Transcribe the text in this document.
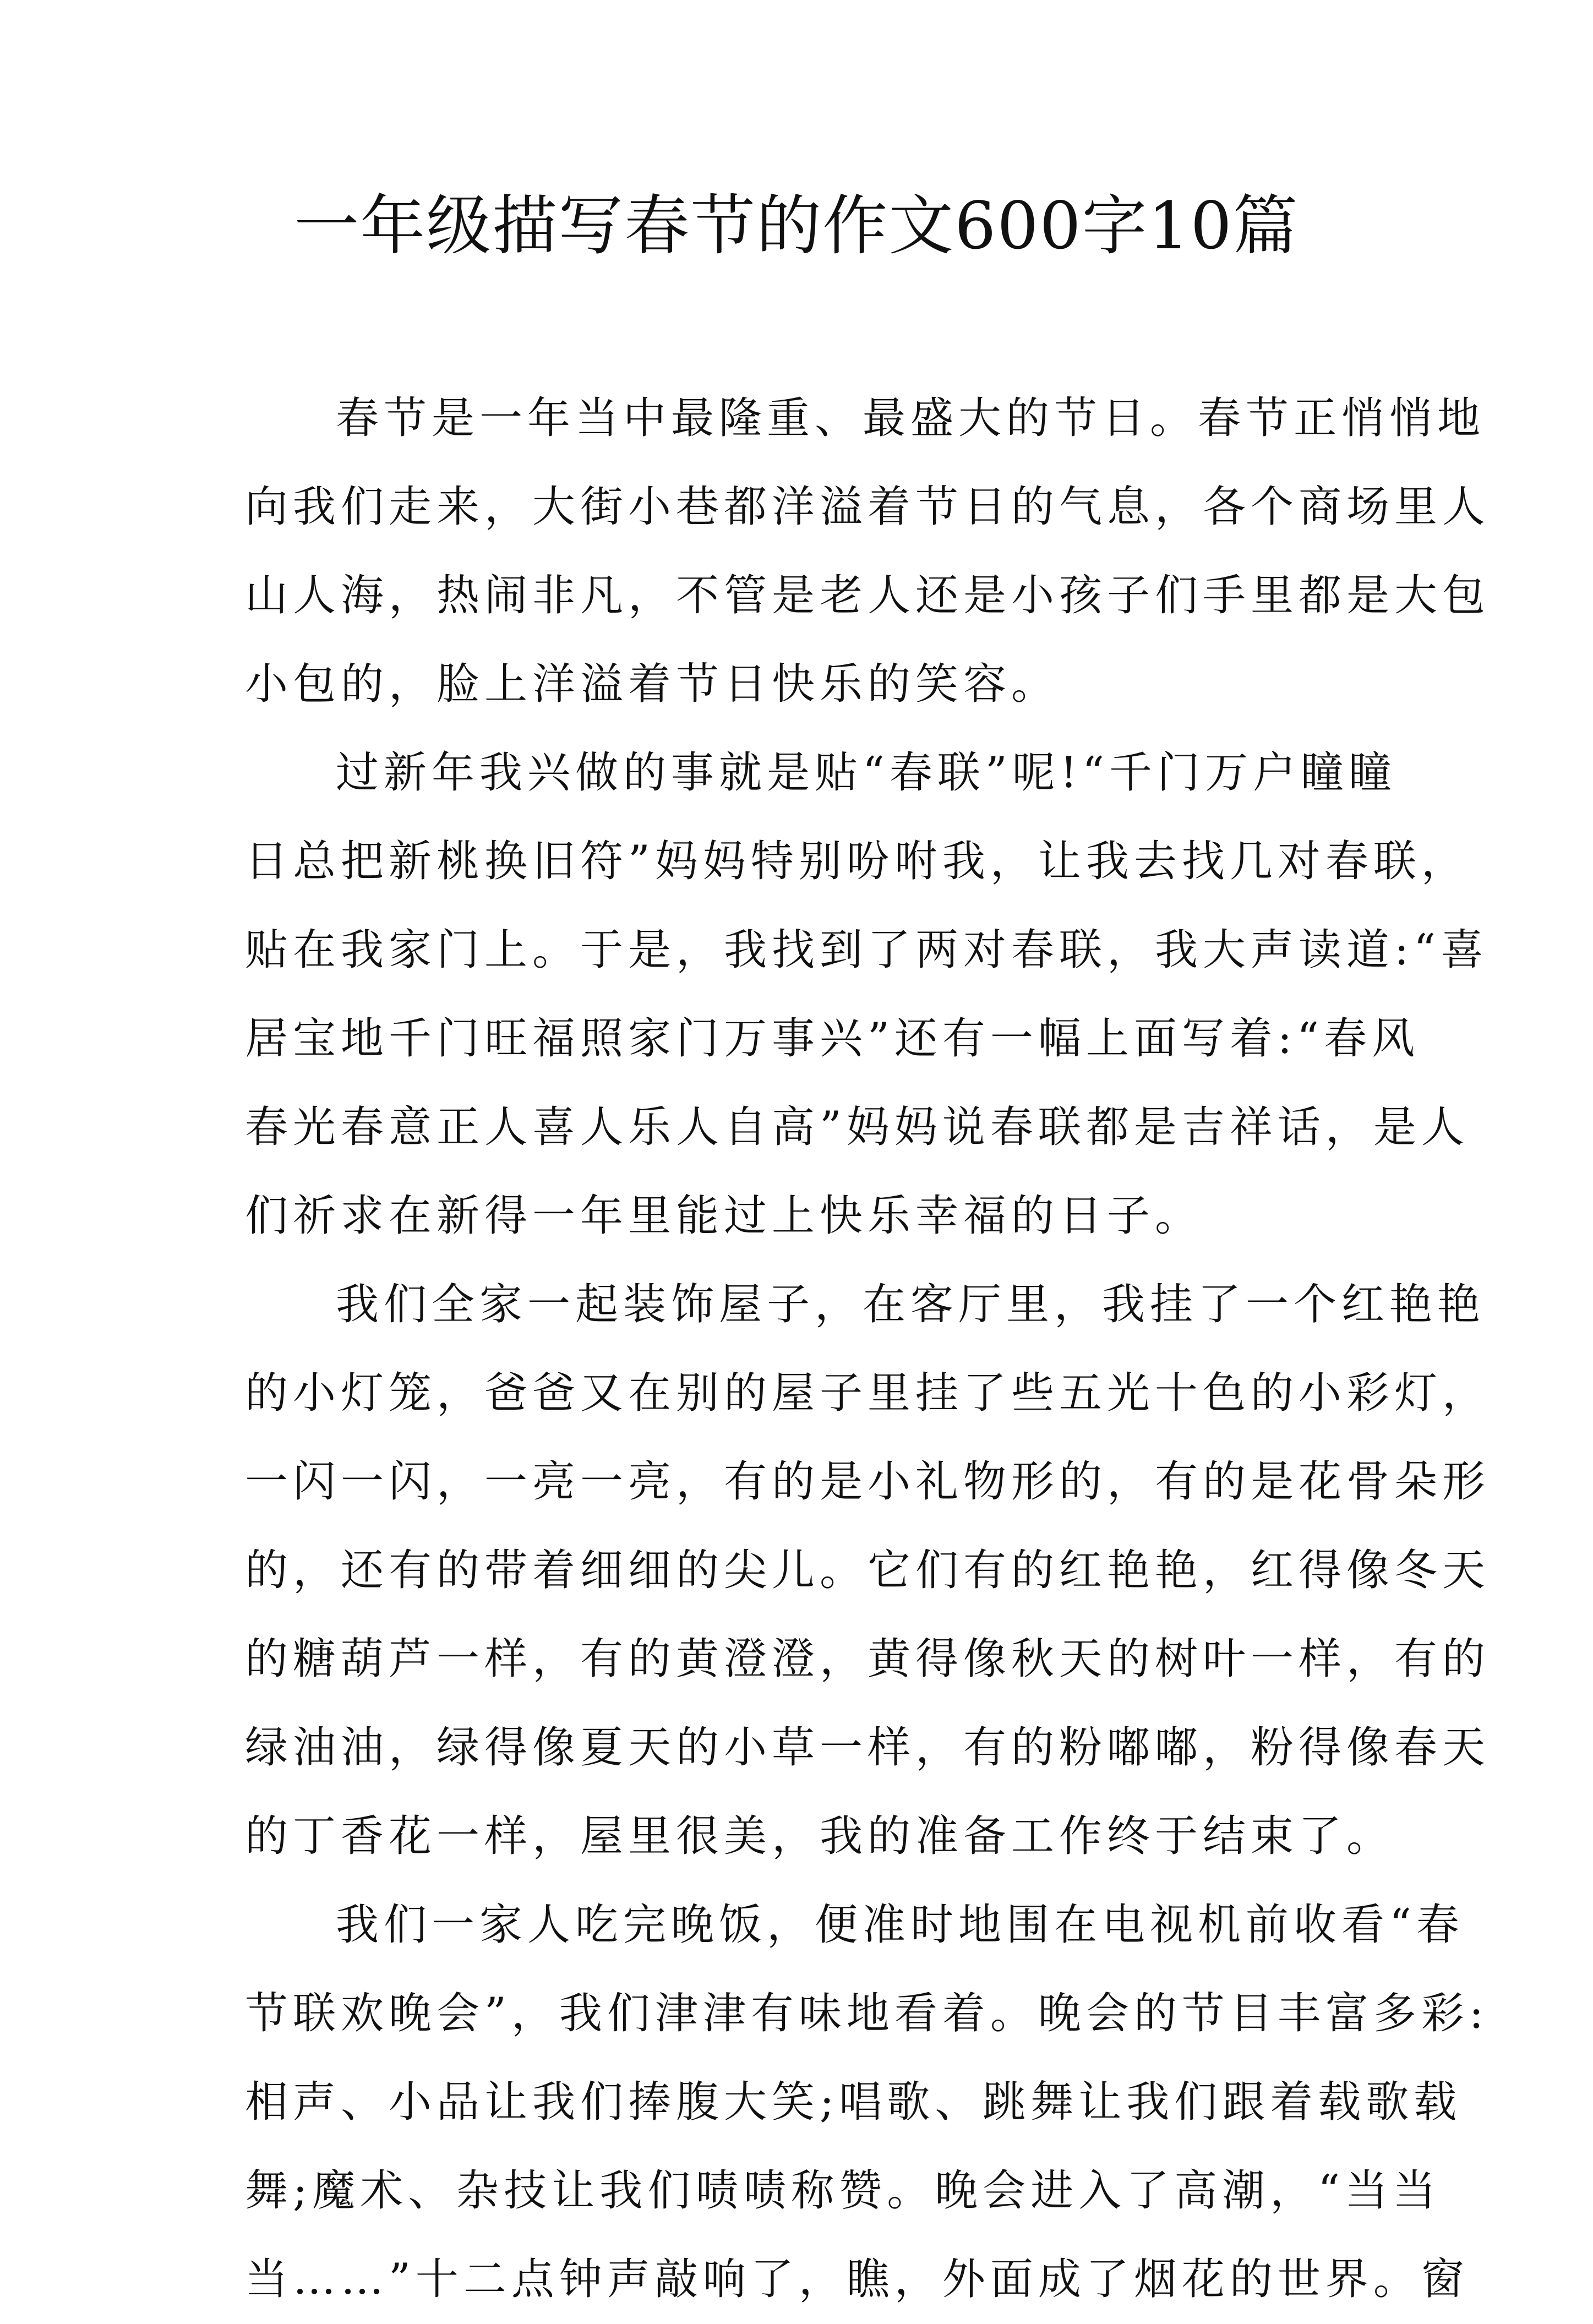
一年级描写春节的作文600字10篇

春节是一年当中最隆重、最盛大的节日。春节正悄悄地
向我们走来，大街小巷都洋溢着节日的气息，各个商场里人
山人海，热闹非凡，不管是老人还是小孩子们手里都是大包
小包的，脸上洋溢着节日快乐的笑容。

过新年我兴做的事就是贴“春联”呢!“千门万户瞳瞳
日总把新桃换旧符”妈妈特别吩咐我，让我去找几对春联，
贴在我家门上。于是，我找到了两对春联，我大声读道:“喜
居宝地千门旺福照家门万事兴”还有一幅上面写着:“春风
春光春意正人喜人乐人自高”妈妈说春联都是吉祥话，是人
们祈求在新得一年里能过上快乐幸福的日子。

我们全家一起装饰屋子，在客厅里，我挂了一个红艳艳
的小灯笼，爸爸又在别的屋子里挂了些五光十色的小彩灯，
一闪一闪，一亮一亮，有的是小礼物形的，有的是花骨朵形
的，还有的带着细细的尖儿。它们有的红艳艳，红得像冬天
的糖葫芦一样，有的黄澄澄，黄得像秋天的树叶一样，有的
绿油油，绿得像夏天的小草一样，有的粉嘟嘟，粉得像春天
的丁香花一样，屋里很美，我的准备工作终于结束了。

我们一家人吃完晚饭，便准时地围在电视机前收看“春
节联欢晚会”，我们津津有味地看着。晚会的节目丰富多彩:
相声、小品让我们捧腹大笑;唱歌、跳舞让我们跟着载歌载
舞;魔术、杂技让我们啧啧称赞。晚会进入了高潮，“当当
当……”十二点钟声敲响了，瞧，外面成了烟花的世界。窗
